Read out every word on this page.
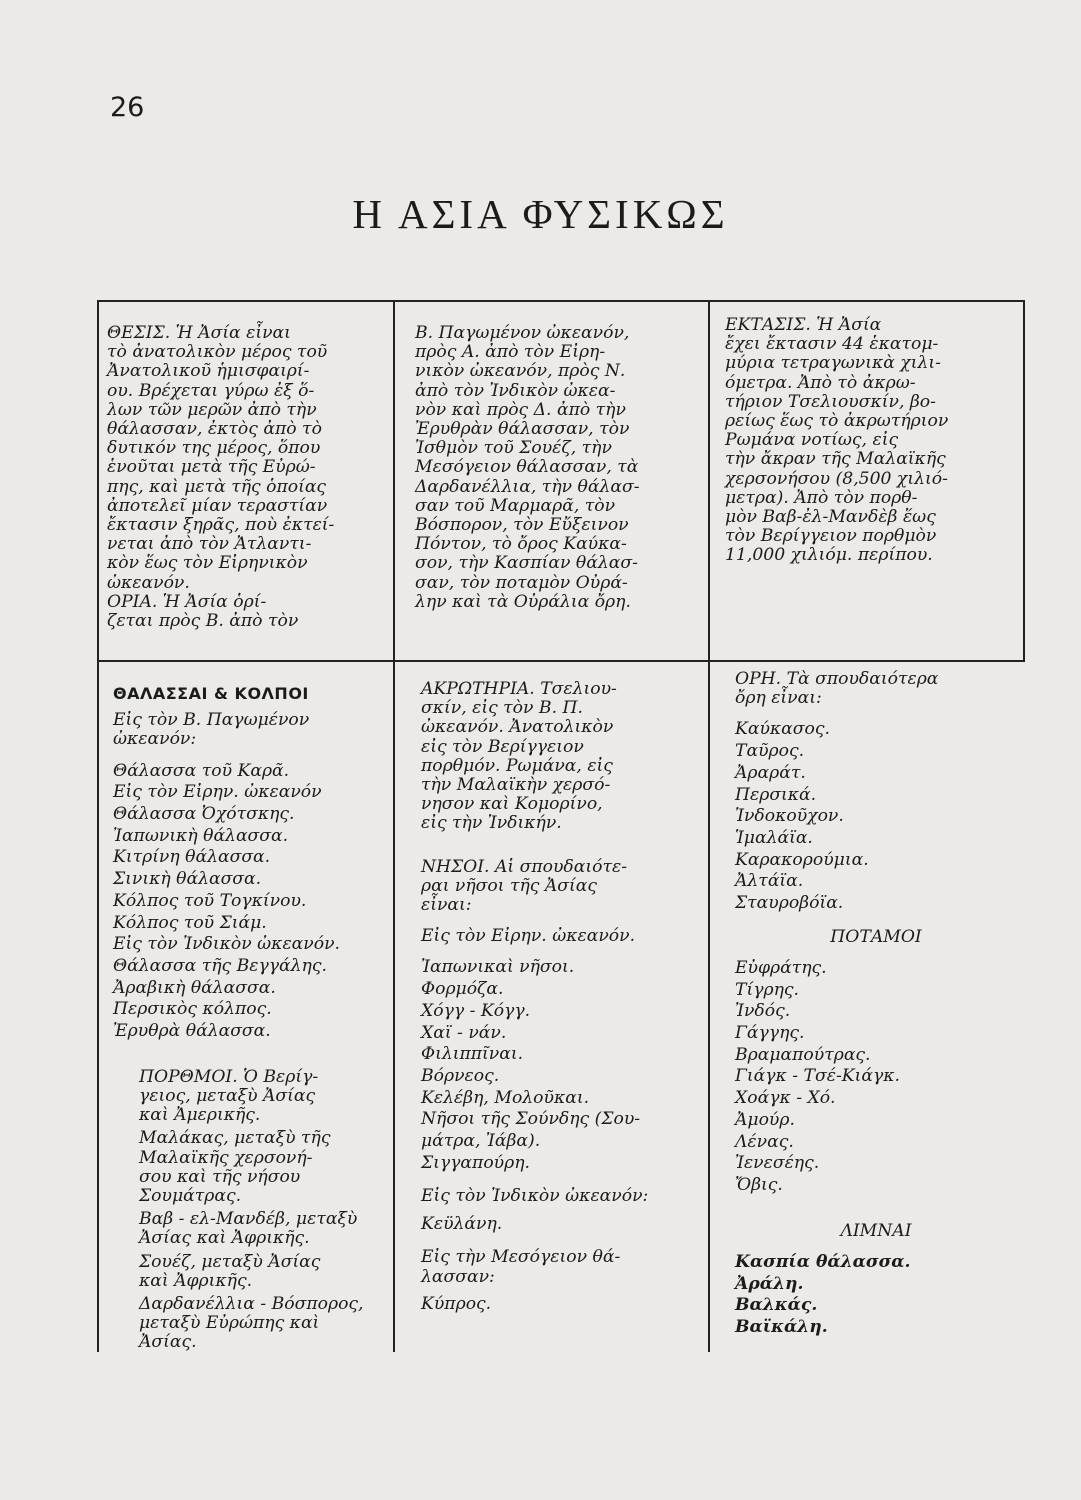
26
Η ΑΣΙΑ ΦΥΣΙΚΩΣ

ΘΕΣΙΣ. Ἡ Ἀσία εἶναι

τὸ ἀνατολικὸν μέρος τοῦ

Ἀνατολικοῦ ἡμισφαιρί-

ου. Βρέχεται γύρω ἐξ ὅ-

λων τῶν μερῶν ἀπὸ τὴν

θάλασσαν, ἐκτὸς ἀπὸ τὸ

δυτικόν της μέρος, ὅπου

ἑνοῦται μετὰ τῆς Εὐρώ-

πης, καὶ μετὰ τῆς ὁποίας

ἀποτελεῖ μίαν τεραστίαν

ἔκτασιν ξηρᾶς, ποὺ ἐκτεί-

νεται ἀπὸ τὸν Ἀτλαντι-

κὸν ἕως τὸν Εἰρηνικὸν

ὠκεανόν.

ΟΡΙΑ. Ἡ Ἀσία ὁρί-

ζεται πρὸς Β. ἀπὸ τὸν

Β. Παγωμένον ὠκεανόν,

πρὸς Α. ἀπὸ τὸν Εἰρη-

νικὸν ὠκεανόν, πρὸς Ν.

ἀπὸ τὸν Ἰνδικὸν ὠκεα-

νὸν καὶ πρὸς Δ. ἀπὸ τὴν

Ἐρυθρὰν θάλασσαν, τὸν

Ἰσθμὸν τοῦ Σουέζ, τὴν

Μεσόγειον θάλασσαν, τὰ

Δαρδανέλλια, τὴν θάλασ-

σαν τοῦ Μαρμαρᾶ, τὸν

Βόσπορον, τὸν Εὔξεινον

Πόντον, τὸ ὄρος Καύκα-

σον, τὴν Κασπίαν θάλασ-

σαν, τὸν ποταμὸν Οὐρά-

λην καὶ τὰ Οὐράλια ὄρη.

ΕΚΤΑΣΙΣ. Ἡ Ἀσία

ἔχει ἔκτασιν 44 ἑκατομ-

μύρια τετραγωνικὰ χιλι-

όμετρα. Ἀπὸ τὸ ἀκρω-

τήριον Τσελιουσκίν, βο-

ρείως ἕως τὸ ἀκρωτήριον

Ρωμάνα νοτίως, εἰς

τὴν ἄκραν τῆς Μαλαϊκῆς

χερσονήσου (8,500 χιλιό-

μετρα). Ἀπὸ τὸν πορθ-

μὸν Βαβ-ἐλ-Μανδὲβ ἕως

τὸν Βερίγγειον πορθμὸν

11,000 χιλιόμ. περίπου.

ΘΑΛΑΣΣΑΙ & ΚΟΛΠΟΙ

Εἰς τὸν Β. Παγωμένον

ὠκεανόν:

Θάλασσα τοῦ Καρᾶ.

Εἰς τὸν Εἰρην. ὠκεανόν

Θάλασσα Ὀχότσκης.

Ἰαπωνικὴ θάλασσα.

Κιτρίνη θάλασσα.

Σινικὴ θάλασσα.

Κόλπος τοῦ Τογκίνου.

Κόλπος τοῦ Σιάμ.

Εἰς τὸν Ἰνδικὸν ὠκεανόν.

Θάλασσα τῆς Βεγγάλης.

Ἀραβικὴ θάλασσα.

Περσικὸς κόλπος.

Ἐρυθρὰ θάλασσα.

ΠΟΡΘΜΟΙ. Ὁ Βερίγ-

γειος, μεταξὺ Ἀσίας

καὶ Ἀμερικῆς.

Μαλάκας, μεταξὺ τῆς

Μαλαϊκῆς χερσονή-

σου καὶ τῆς νήσου

Σουμάτρας.

Βαβ - ελ-Μανδέβ, μεταξὺ

Ἀσίας καὶ Ἀφρικῆς.

Σουέζ, μεταξὺ Ἀσίας

καὶ Ἀφρικῆς.

Δαρδανέλλια - Βόσπορος,

μεταξὺ Εὐρώπης καὶ

Ἀσίας.

ΑΚΡΩΤΗΡΙΑ. Τσελιου-

σκίν, εἰς τὸν Β. Π.

ὠκεανόν. Ἀνατολικὸν

εἰς τὸν Βερίγγειον

πορθμόν. Ρωμάνα, εἰς

τὴν Μαλαϊκὴν χερσό-

νησον καὶ Κομορίνο,

εἰς τὴν Ἰνδικήν.

ΝΗΣΟΙ. Αἱ σπουδαιότε-

ραι νῆσοι τῆς Ἀσίας

εἶναι:

Εἰς τὸν Εἰρην. ὠκεανόν.

Ἰαπωνικαὶ νῆσοι.

Φορμόζα.

Χόγγ - Κόγγ.

Χαϊ - νάν.

Φιλιππῖναι.

Βόρνεος.

Κελέβη, Μολοῦκαι.

Νῆσοι τῆς Σούνδης (Σου-

μάτρα, Ἰάβα).

Σιγγαπούρη.

Εἰς τὸν Ἰνδικὸν ὠκεανόν:

Κεϋλάνη.

Εἰς τὴν Μεσόγειον θά-

λασσαν:

Κύπρος.

ΟΡΗ. Τὰ σπουδαιότερα

ὄρη εἶναι:

Καύκασος.

Ταῦρος.

Ἀραράτ.

Περσικά.

Ἰνδοκοῦχον.

Ἱμαλάϊα.

Καρακορούμια.

Ἀλτάϊα.

Σταυροβόϊα.

ΠΟΤΑΜΟΙ

Εὐφράτης.

Τίγρης.

Ἰνδός.

Γάγγης.

Βραμαπούτρας.

Γιάγκ - Τσέ-Κιάγκ.

Χοάγκ - Χό.

Ἀμούρ.

Λένας.

Ἰενεσέης.

Ὄβις.

ΛΙΜΝΑΙ

Κασπία θάλασσα.

Ἀράλη.

Βαλκάς.

Βαϊκάλη.
